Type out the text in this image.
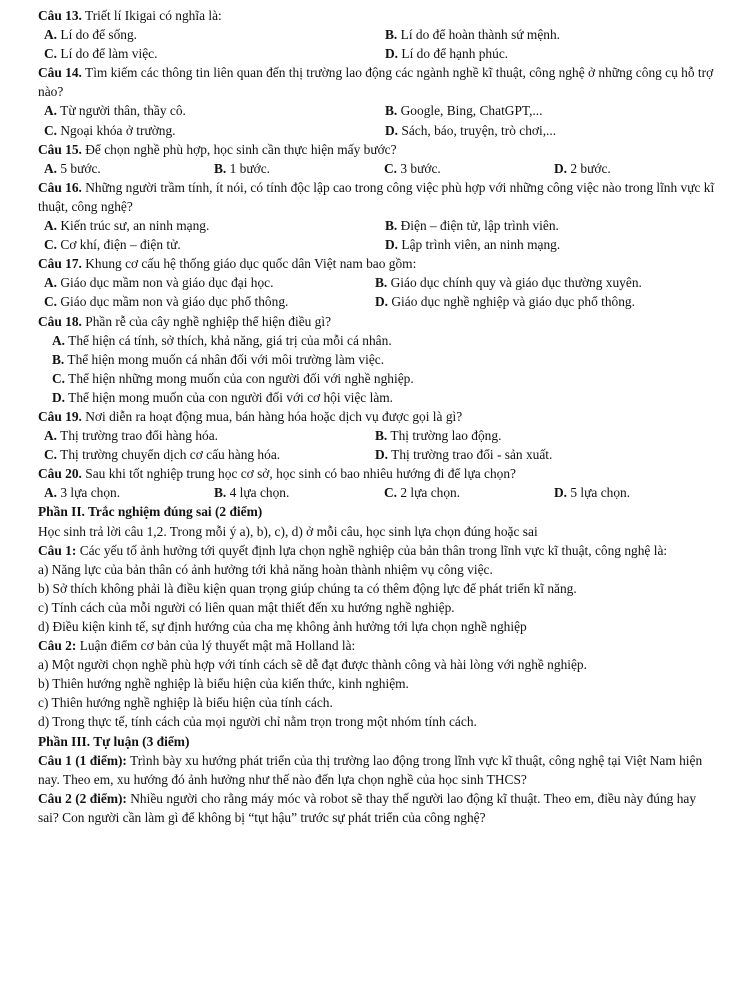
Câu 13. Triết lí Ikigai có nghĩa là:
A. Lí do để sống.	B. Lí do để hoàn thành sứ mệnh.
C. Lí do để làm việc.	D. Lí do để hạnh phúc.
Câu 14. Tìm kiếm các thông tin liên quan đến thị trường lao động các ngành nghề kĩ thuật, công nghệ ở những công cụ hỗ trợ nào?
A. Từ người thân, thầy cô.	B. Google, Bing, ChatGPT,...
C. Ngoại khóa ở trường.	D. Sách, báo, truyện, trò chơi,...
Câu 15. Để chọn nghề phù hợp, học sinh cần thực hiện mấy bước?
A. 5 bước.	B. 1 bước.	C. 3 bước.	D. 2 bước.
Câu 16. Những người trầm tính, ít nói, có tính độc lập cao trong công việc phù hợp với những công việc nào trong lĩnh vực kĩ thuật, công nghệ?
A. Kiến trúc sư, an ninh mạng.	B. Điện – điện tử, lập trình viên.
C. Cơ khí, điện – điện tử.	D. Lập trình viên, an ninh mạng.
Câu 17. Khung cơ cấu hệ thống giáo dục quốc dân Việt nam bao gồm:
A. Giáo dục mầm non và giáo dục đại học.	B. Giáo dục chính quy và giáo dục thường xuyên.
C. Giáo dục mầm non và giáo dục phổ thông.	D. Giáo dục nghề nghiệp và giáo dục phổ thông.
Câu 18. Phần rễ của cây nghề nghiệp thể hiện điều gì?
A. Thể hiện cá tính, sở thích, khả năng, giá trị của mỗi cá nhân.
B. Thể hiện mong muốn cá nhân đối với môi trường làm việc.
C. Thể hiện những mong muốn của con người đối với nghề nghiệp.
D. Thể hiện mong muốn của con người đối với cơ hội việc làm.
Câu 19. Nơi diễn ra hoạt động mua, bán hàng hóa hoặc dịch vụ được gọi là gì?
A. Thị trường trao đổi hàng hóa.	B. Thị trường lao động.
C. Thị trường chuyển dịch cơ cấu hàng hóa.	D. Thị trường trao đổi - sản xuất.
Câu 20. Sau khi tốt nghiệp trung học cơ sở, học sinh có bao nhiêu hướng đi để lựa chọn?
A. 3 lựa chọn.	B. 4 lựa chọn.	C. 2 lựa chọn.	D. 5 lựa chọn.
Phần II. Trắc nghiệm đúng sai (2 điểm)
Học sinh trả lời câu 1,2. Trong mỗi ý a), b), c), d) ở mỗi câu, học sinh lựa chọn đúng hoặc sai
Câu 1: Các yếu tố ảnh hưởng tới quyết định lựa chọn nghề nghiệp của bản thân trong lĩnh vực kĩ thuật, công nghệ là:
a) Năng lực của bản thân có ảnh hưởng tới khả năng hoàn thành nhiệm vụ công việc.
b) Sở thích không phải là điều kiện quan trọng giúp chúng ta có thêm động lực để phát triển kĩ năng.
c) Tính cách của mỗi người có liên quan mật thiết đến xu hướng nghề nghiệp.
d) Điều kiện kinh tế, sự định hướng của cha mẹ không ảnh hưởng tới lựa chọn nghề nghiệp
Câu 2: Luận điểm cơ bản của lý thuyết mật mã Holland là:
a) Một người chọn nghề phù hợp với tính cách sẽ dễ đạt được thành công và hài lòng với nghề nghiệp.
b) Thiên hướng nghề nghiệp là biểu hiện của kiến thức, kinh nghiệm.
c) Thiên hướng nghề nghiệp là biểu hiện của tính cách.
d) Trong thực tế, tính cách của mọi người chỉ nằm trọn trong một nhóm tính cách.
Phần III. Tự luận (3 điểm)
Câu 1 (1 điểm): Trình bày xu hướng phát triển của thị trường lao động trong lĩnh vực kĩ thuật, công nghệ tại Việt Nam hiện nay. Theo em, xu hướng đó ảnh hưởng như thế nào đến lựa chọn nghề của học sinh THCS?
Câu 2 (2 điểm): Nhiều người cho rằng máy móc và robot sẽ thay thế người lao động kĩ thuật. Theo em, điều này đúng hay sai? Con người cần làm gì để không bị “tụt hậu” trước sự phát triển của công nghệ?
